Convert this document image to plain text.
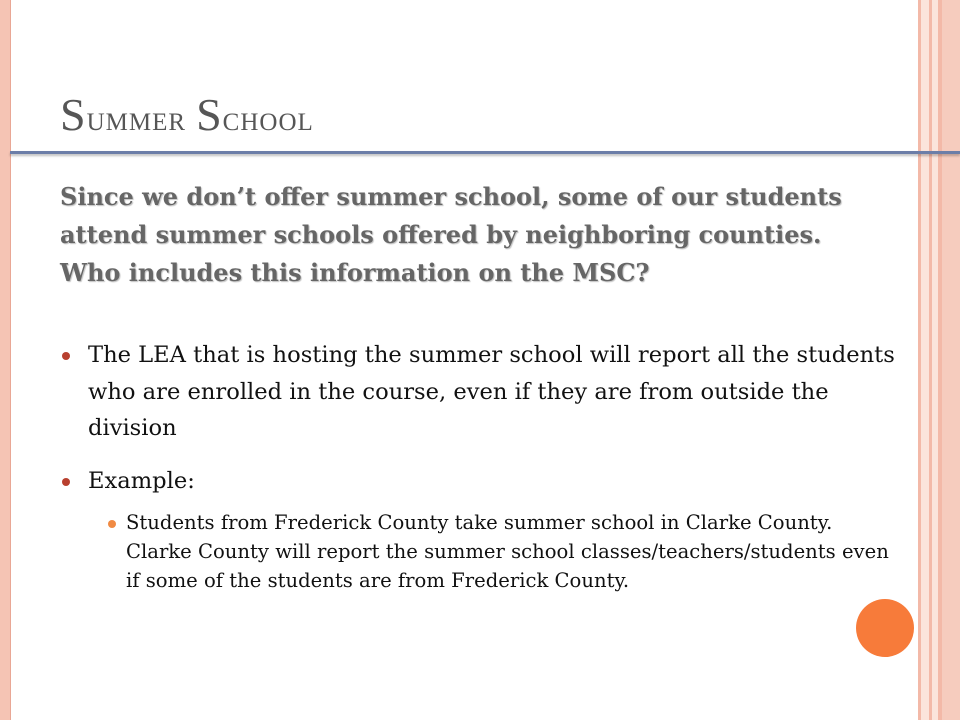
Summer School

Since we don’t offer summer school, some of our students attend summer schools offered by neighboring counties. Who includes this information on the MSC?

The LEA that is hosting the summer school will report all the students who are enrolled in the course, even if they are from outside the division
Example:
Students from Frederick County take summer school in Clarke County. Clarke County will report the summer school classes/teachers/students even if some of the students are from Frederick County.
